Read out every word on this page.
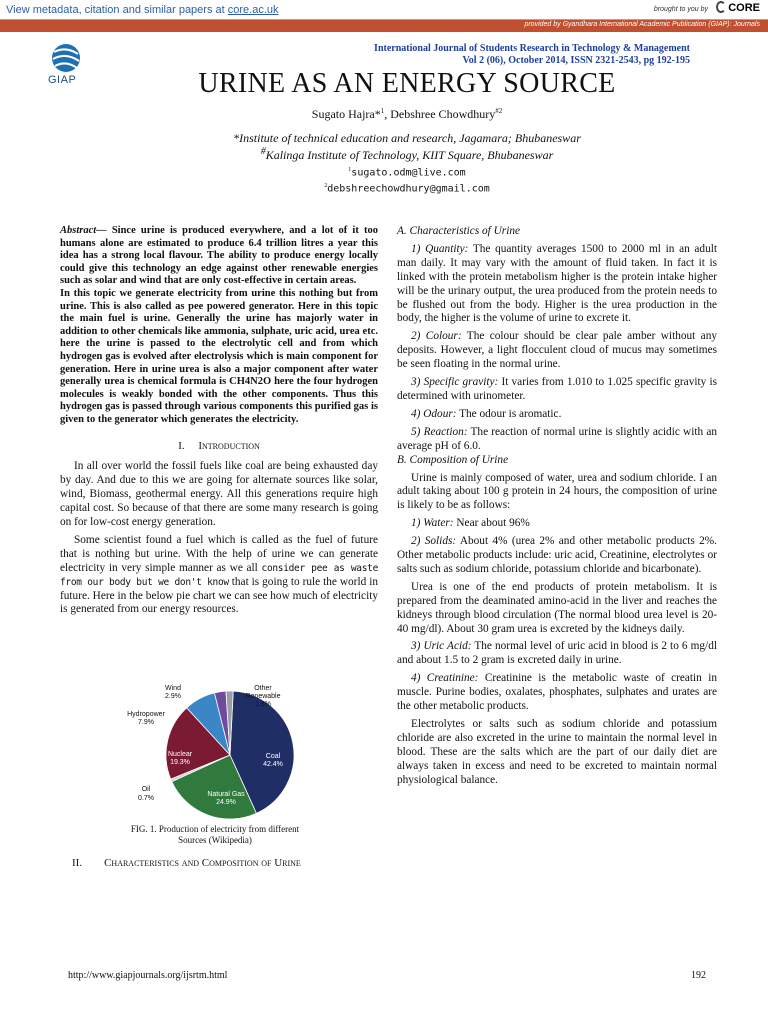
View metadata, citation and similar papers at core.ac.uk	brought to you by	CORE
provided by Gyandhara International Academic Publication (GIAP): Journals
GIAP
International Journal of Students Research in Technology & Management
Vol 2 (06), October 2014, ISSN 2321-2543, pg 192-195
URINE AS AN ENERGY SOURCE
Sugato Hajra*$^1$, Debshree Chowdhury$^{\#2}$
*Institute of technical education and research, Jagamara; Bhubaneswar
#Kalinga Institute of Technology, KIIT Square, Bhubaneswar
$^1$sugato.odm@live.com
$^2$debshreechowdhury@gmail.com

Abstract— Since urine is produced everywhere, and a lot of it too humans alone are estimated to produce 6.4 trillion litres a year this idea has a strong local flavour. The ability to produce energy locally could give this technology an edge against other renewable energies such as solar and wind that are only cost-effective in certain areas.

In this topic we generate electricity from urine this nothing but from urine. This is also called as pee powered generator. Here in this topic the main fuel is urine. Generally the urine has majorly water in addition to other chemicals like ammonia, sulphate, uric acid, urea etc. here the urine is passed to the electrolytic cell and from which hydrogen gas is evolved after electrolysis which is main component for generation. Here in urine urea is also a major component after water generally urea is chemical formula is CH4N2O here the four hydrogen molecules is weakly bonded with the other components. Thus this hydrogen gas is passed through various components this purified gas is given to the generator which generates the electricity.

I. Introduction

In all over world the fossil fuels like coal are being exhausted day by day. And due to this we are going for alternate sources like solar, wind, Biomass, geothermal energy. All this generations require high capital cost. So because of that there are some many research is going on for low-cost energy generation.

Some scientist found a fuel which is called as the fuel of future that is nothing but urine. With the help of urine we can generate electricity in very simple manner as we all consider pee as waste from our body but we don't know that is going to rule the world in future. Here in the below pie chart we can see how much of electricity is generated from our energy resources.

Coal
42.4%
Natural Gas
24.9%
Nuclear
19.3%
Oil
0.7%
Hydropower
7.9%
Wind
2.9%
Other
Renewable
1.8%
FIG. 1. Production of electricity from different
Sources (Wikipedia)
II. Characteristics and Composition of Urine

A. Characteristics of Urine

1) Quantity: The quantity averages 1500 to 2000 ml in an adult man daily. It may vary with the amount of fluid taken. In fact it is linked with the protein metabolism higher is the protein intake higher will be the urinary output, the urea produced from the protein needs to be flushed out from the body. Higher is the urea production in the body, the higher is the volume of urine to excrete it.

2) Colour: The colour should be clear pale amber without any deposits. However, a light flocculent cloud of mucus may sometimes be seen floating in the normal urine.

3) Specific gravity: It varies from 1.010 to 1.025 specific gravity is determined with urinometer.

4) Odour: The odour is aromatic.

5) Reaction: The reaction of normal urine is slightly acidic with an average pH of 6.0.

B. Composition of Urine

Urine is mainly composed of water, urea and sodium chloride. I an adult taking about 100 g protein in 24 hours, the composition of urine is likely to be as follows:

1) Water: Near about 96%

2) Solids: About 4% (urea 2% and other metabolic products 2%. Other metabolic products include: uric acid, Creatinine, electrolytes or salts such as sodium chloride, potassium chloride and bicarbonate).

Urea is one of the end products of protein metabolism. It is prepared from the deaminated amino-acid in the liver and reaches the kidneys through blood circulation (The normal blood urea level is 20-40 mg/dl). About 30 gram urea is excreted by the kidneys daily.

3) Uric Acid: The normal level of uric acid in blood is 2 to 6 mg/dl and about 1.5 to 2 gram is excreted daily in urine.

4) Creatinine: Creatinine is the metabolic waste of creatin in muscle. Purine bodies, oxalates, phosphates, sulphates and urates are the other metabolic products.

Electrolytes or salts such as sodium chloride and potassium chloride are also excreted in the urine to maintain the normal level in blood. These are the salts which are the part of our daily diet are always taken in excess and need to be excreted to maintain normal physiological balance.

http://www.giapjournals.org/ijsrtm.html	192
